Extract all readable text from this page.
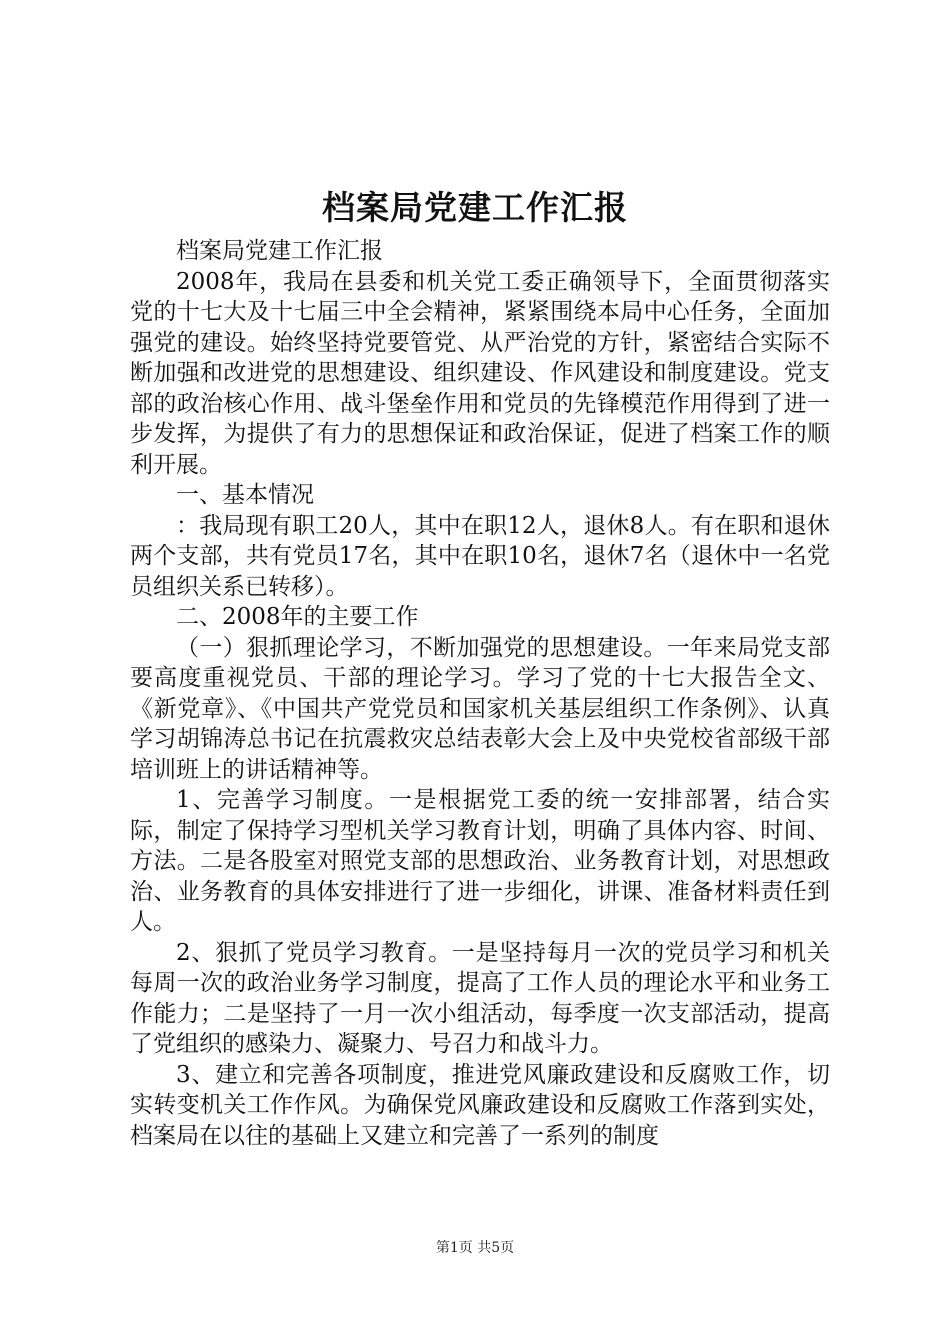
档案局党建工作汇报

档案局党建工作汇报

2008年，我局在县委和机关党工委正确领导下，全面贯彻落实党的十七大及十七届三中全会精神，紧紧围绕本局中心任务，全面加强党的建设。始终坚持党要管党、从严治党的方针，紧密结合实际不断加强和改进党的思想建设、组织建设、作风建设和制度建设。党支部的政治核心作用、战斗堡垒作用和党员的先锋模范作用得到了进一步发挥，为提供了有力的思想保证和政治保证，促进了档案工作的顺利开展。

一、基本情况

：我局现有职工20人，其中在职12人，退休8人。有在职和退休两个支部，共有党员17名，其中在职10名，退休7名（退休中一名党员组织关系已转移）。

二、2008年的主要工作

（一）狠抓理论学习，不断加强党的思想建设。一年来局党支部要高度重视党员、干部的理论学习。学习了党的十七大报告全文、《新党章》、《中国共产党党员和国家机关基层组织工作条例》、认真学习胡锦涛总书记在抗震救灾总结表彰大会上及中央党校省部级干部培训班上的讲话精神等。

1、完善学习制度。一是根据党工委的统一安排部署，结合实际，制定了保持学习型机关学习教育计划，明确了具体内容、时间、方法。二是各股室对照党支部的思想政治、业务教育计划，对思想政治、业务教育的具体安排进行了进一步细化，讲课、准备材料责任到人。

2、狠抓了党员学习教育。一是坚持每月一次的党员学习和机关每周一次的政治业务学习制度，提高了工作人员的理论水平和业务工作能力；二是坚持了一月一次小组活动，每季度一次支部活动，提高了党组织的感染力、凝聚力、号召力和战斗力。

3、建立和完善各项制度，推进党风廉政建设和反腐败工作，切实转变机关工作作风。为确保党风廉政建设和反腐败工作落到实处，档案局在以往的基础上又建立和完善了一系列的制度

第1页 共5页
